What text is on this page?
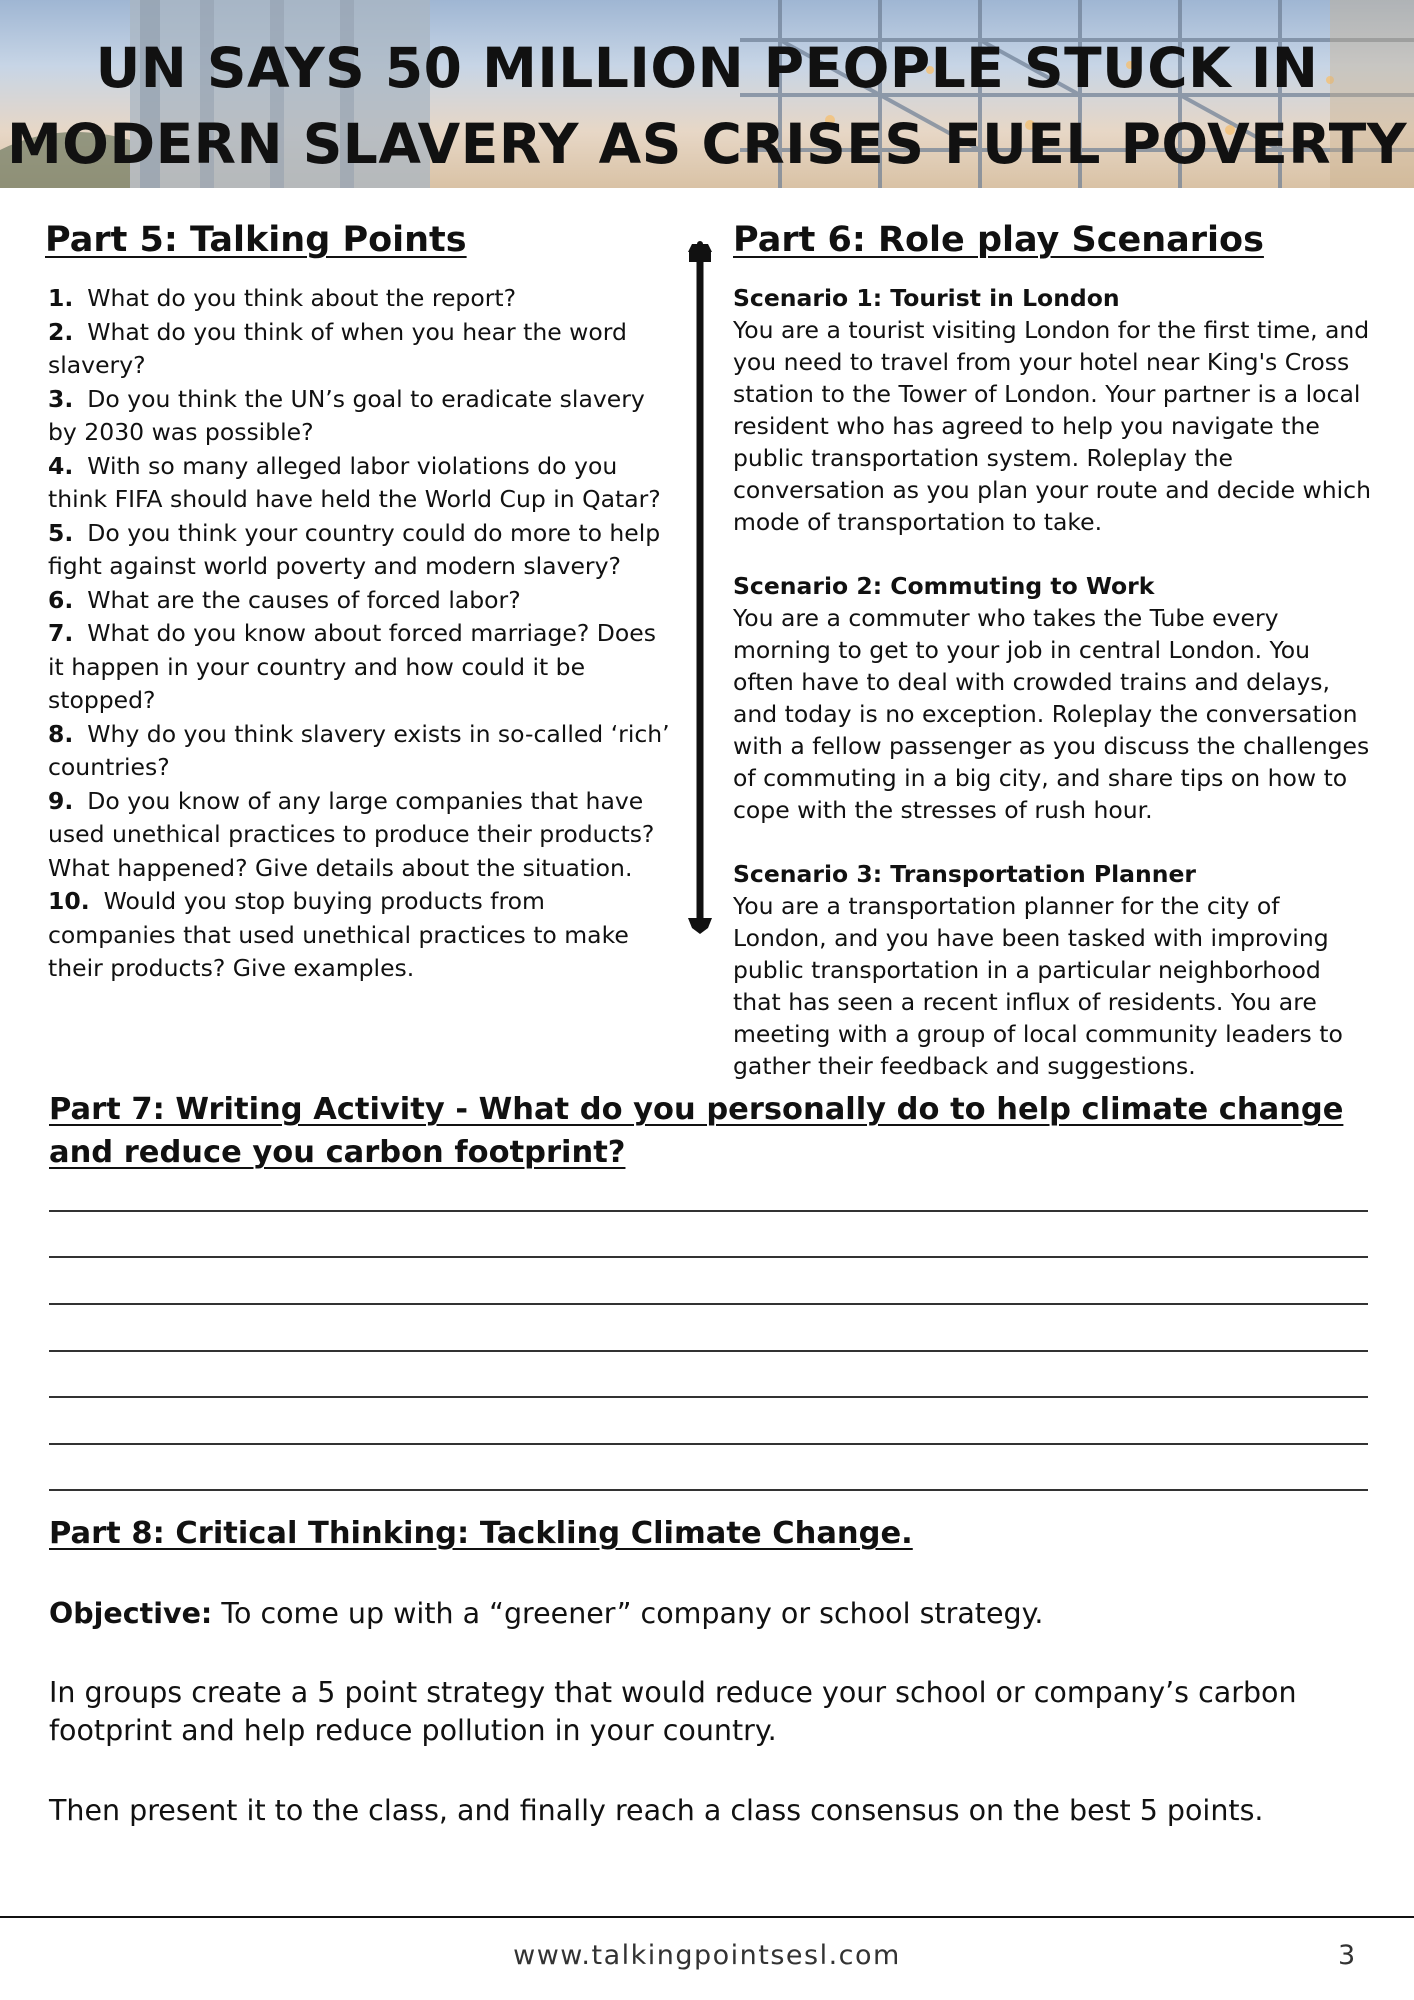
UN SAYS 50 MILLION PEOPLE STUCK IN
MODERN SLAVERY AS CRISES FUEL POVERTY
Part 5: Talking Points
1. What do you think about the report?
2. What do you think of when you hear the word slavery?
3. Do you think the UN’s goal to eradicate slavery by 2030 was possible?
4. With so many alleged labor violations do you think FIFA should have held the World Cup in Qatar?
5. Do you think your country could do more to help fight against world poverty and modern slavery?
6. What are the causes of forced labor?
7. What do you know about forced marriage? Does it happen in your country and how could it be stopped?
8. Why do you think slavery exists in so-called ‘rich’ countries?
9. Do you know of any large companies that have used unethical practices to produce their products? What happened? Give details about the situation.
10. Would you stop buying products from companies that used unethical practices to make their products? Give examples.
Part 6: Role play Scenarios
Scenario 1: Tourist in London
You are a tourist visiting London for the first time, and you need to travel from your hotel near King's Cross station to the Tower of London. Your partner is a local resident who has agreed to help you navigate the public transportation system. Roleplay the conversation as you plan your route and decide which mode of transportation to take.
Scenario 2: Commuting to Work
You are a commuter who takes the Tube every morning to get to your job in central London. You often have to deal with crowded trains and delays, and today is no exception. Roleplay the conversation with a fellow passenger as you discuss the challenges of commuting in a big city, and share tips on how to cope with the stresses of rush hour.
Scenario 3: Transportation Planner
You are a transportation planner for the city of London, and you have been tasked with improving public transportation in a particular neighborhood that has seen a recent influx of residents. You are meeting with a group of local community leaders to gather their feedback and suggestions.
Part 7: Writing Activity - What do you personally do to help climate change and reduce you carbon footprint?
Part 8: Critical Thinking: Tackling Climate Change.
Objective: To come up with a “greener” company or school strategy.
In groups create a 5 point strategy that would reduce your school or company’s carbon footprint and help reduce pollution in your country.
Then present it to the class, and finally reach a class consensus on the best 5 points.
www.talkingpointsesl.com	3
